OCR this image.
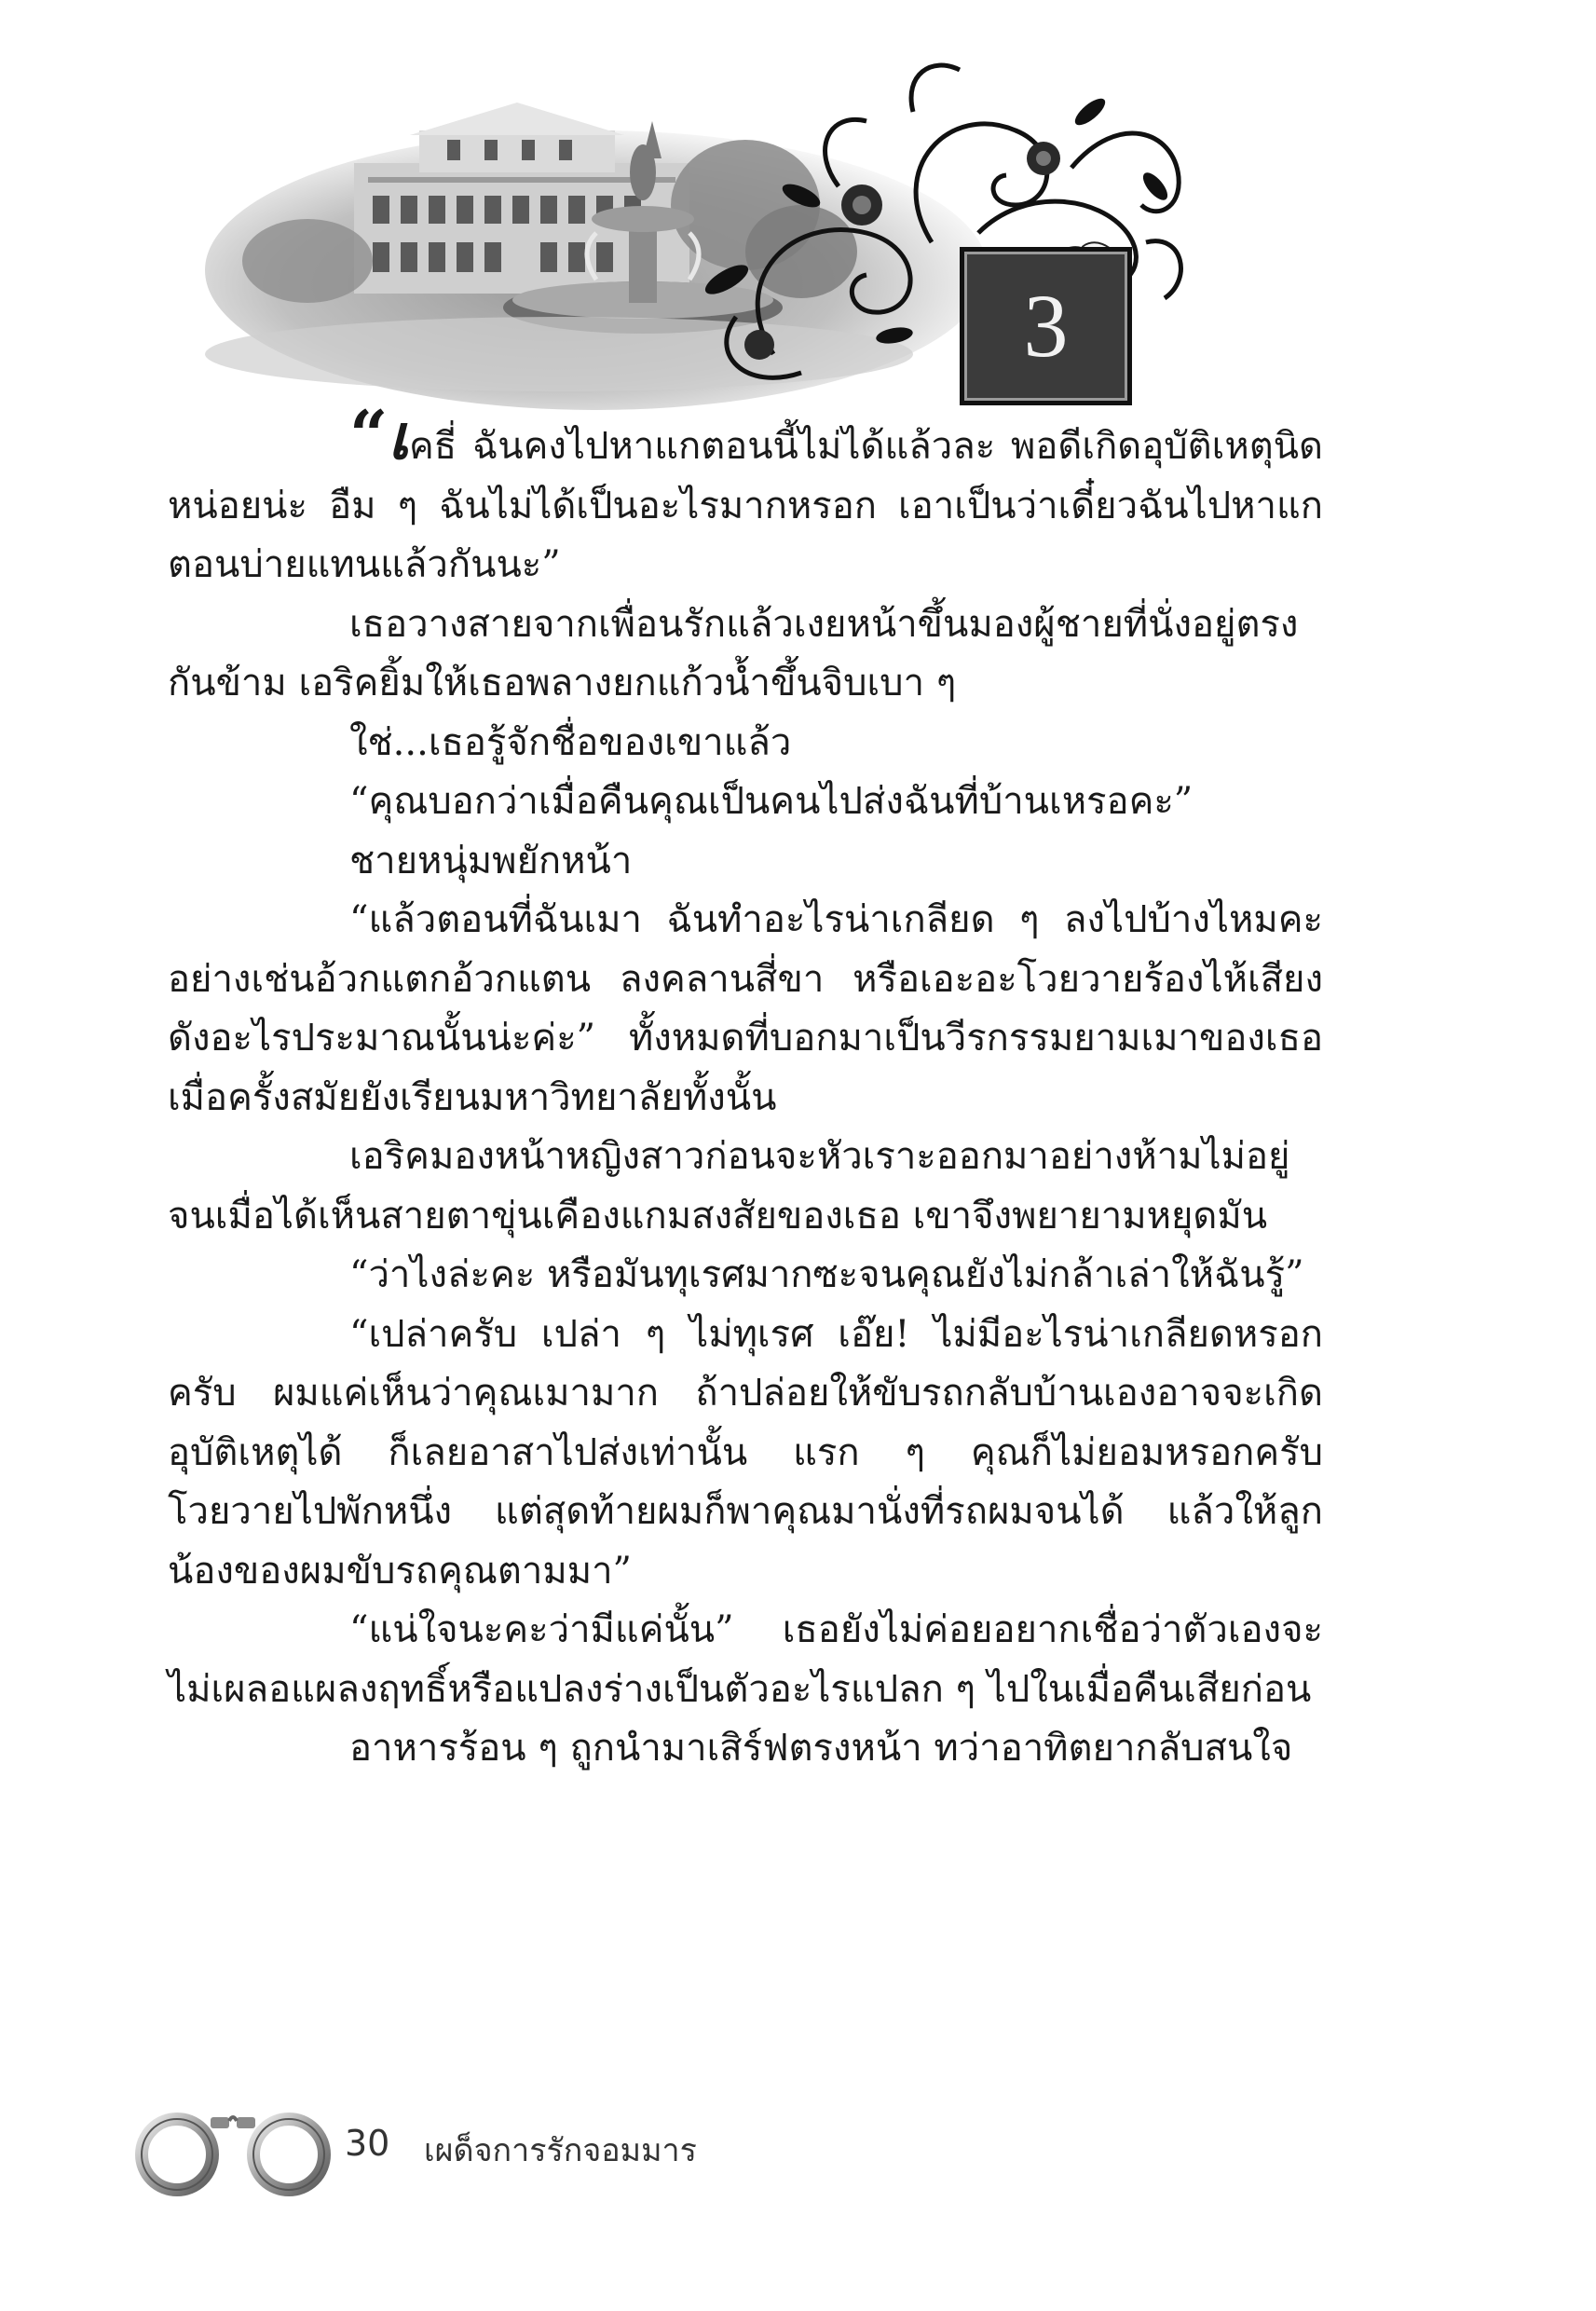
3

“เคธี่ ฉันคงไปหาแกตอนนี้ไม่ได้แล้วละ พอดีเกิดอุบัติเหตุนิดหน่อยน่ะ อืม ๆ ฉันไม่ได้เป็นอะไรมากหรอก เอาเป็นว่าเดี๋ยวฉันไปหาแกตอนบ่ายแทนแล้วกันนะ”

เธอวางสายจากเพื่อนรักแล้วเงยหน้าขึ้นมองผู้ชายที่นั่งอยู่ตรงกันข้าม เอริคยิ้มให้เธอพลางยกแก้วน้ำขึ้นจิบเบา ๆ

ใช่...เธอรู้จักชื่อของเขาแล้ว

“คุณบอกว่าเมื่อคืนคุณเป็นคนไปส่งฉันที่บ้านเหรอคะ”

ชายหนุ่มพยักหน้า

“แล้วตอนที่ฉันเมา ฉันทำอะไรน่าเกลียด ๆ ลงไปบ้างไหมคะ อย่างเช่นอ้วกแตกอ้วกแตน ลงคลานสี่ขา หรือเอะอะโวยวายร้องไห้เสียงดังอะไรประมาณนั้นน่ะค่ะ” ทั้งหมดที่บอกมาเป็นวีรกรรมยามเมาของเธอเมื่อครั้งสมัยยังเรียนมหาวิทยาลัยทั้งนั้น

เอริคมองหน้าหญิงสาวก่อนจะหัวเราะออกมาอย่างห้ามไม่อยู่จนเมื่อได้เห็นสายตาขุ่นเคืองแกมสงสัยของเธอ เขาจึงพยายามหยุดมัน

“ว่าไงล่ะคะ หรือมันทุเรศมากซะจนคุณยังไม่กล้าเล่าให้ฉันรู้”

“เปล่าครับ เปล่า ๆ ไม่ทุเรศ เอ๊ย! ไม่มีอะไรน่าเกลียดหรอกครับ ผมแค่เห็นว่าคุณเมามาก ถ้าปล่อยให้ขับรถกลับบ้านเองอาจจะเกิดอุบัติเหตุได้ ก็เลยอาสาไปส่งเท่านั้น แรก ๆ คุณก็ไม่ยอมหรอกครับ โวยวายไปพักหนึ่ง แต่สุดท้ายผมก็พาคุณมานั่งที่รถผมจนได้ แล้วให้ลูกน้องของผมขับรถคุณตามมา”

“แน่ใจนะคะว่ามีแค่นั้น” เธอยังไม่ค่อยอยากเชื่อว่าตัวเองจะไม่เผลอแผลงฤทธิ์หรือแปลงร่างเป็นตัวอะไรแปลก ๆ ไปในเมื่อคืนเสียก่อน

อาหารร้อน ๆ ถูกนำมาเสิร์ฟตรงหน้า ทว่าอาทิตยากลับสนใจ

30 เผด็จการรักจอมมาร
